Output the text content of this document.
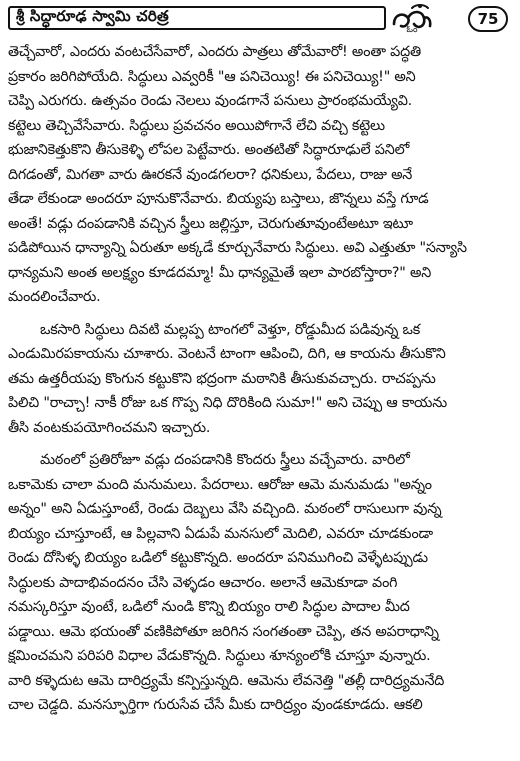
శ్రీ సిద్ధారూఢ స్వామి చరిత్ర
ఓం
75
తెచ్చేవారో, ఎందరు వంటచేసేవారో, ఎందరు పాత్రలు తోమేవారో! అంతా పద్ధతి
ప్రకారం జరిగిపోయేది. సిద్ధులు ఎవ్వరికీ "ఆ పనిచెయ్యి! ఈ పనిచెయ్యి!" అని
చెప్పి ఎరుగరు. ఉత్సవం రెండు నెలలు వుండగానే పనులు ప్రారంభమయ్యేవి.
కట్టెలు తెచ్చివేసేవారు. సిద్ధులు ప్రవచనం అయిపోగానే లేచి వచ్చి కట్టెలు
భుజానికెత్తుకొని తీసుకెళ్ళి లోపల పెట్టేవారు. అంతటితో సిద్ధారూఢులే పనిలో
దిగడంతో, మిగతా వారు ఊరకనే వుండగలరా? ధనికులు, పేదలు, రాజు అనే
తేడా లేకుండా అందరూ పూనుకొనేవారు. బియ్యపు బస్తాలు, జొన్నలు వస్తే గూడ
అంతే! వడ్లు దంపడానికి వచ్చిన స్త్రీలు జల్లిస్తూ, చెరుగుతూవుంటేఅటూ ఇటూ
పడిపోయిన ధాన్యాన్ని ఏరుతూ అక్కడే కూర్చునేవారు సిద్ధులు. అవి ఎత్తుతూ "సన్యాసి
ధాన్యమని అంత అలక్ష్యం కూడదమ్మా! మీ ధాన్యమైతే ఇలా పారబోస్తారా?" అని
మందలించేవారు.
ఒకసారి సిద్ధులు దివటి మల్లప్ప టాంగలో వెళ్తూ, రోడ్డుమీద పడివున్న ఒక
ఎండుమిరపకాయను చూశారు. వెంటనే టాంగా ఆపించి, దిగి, ఆ కాయను తీసుకొని
తమ ఉత్తరీయపు కొంగున కట్టుకొని భద్రంగా మఠానికి తీసుకువచ్చారు. రాచప్పను
పిలిచి "రాచ్చా! నాకీ రోజు ఒక గొప్ప నిధి దొరికింది సుమా!" అని చెప్పు ఆ కాయను
తీసి వంటకుపయోగించమని ఇచ్చారు.
మఠంలో ప్రతిరోజూ వడ్లు దంపడానికి కొందరు స్త్రీలు వచ్చేవారు. వారిలో
ఒకామెకు చాలా మంది మనుమలు. పేదరాలు. ఆరోజు ఆమె మనుమడు "అన్నం
అన్నం" అని ఏడుస్తూంటే, రెండు దెబ్బలు వేసి వచ్చింది. మఠంలో రాసులుగా వున్న
బియ్యం చూస్తూంటే, ఆ పిల్లవాని ఏడుపే మనసులో మెదిలి, ఎవరూ చూడకుండా
రెండు దోసిళ్ళ బియ్యం ఒడిలో కట్టుకొన్నది. అందరూ పనిముగించి వెళ్ళేటప్పుడు
సిద్ధులకు పాదాభివందనం చేసి వెళ్ళడం ఆచారం. అలానే ఆమెకూడా వంగి
నమస్కరిస్తూ వుంటే, ఒడిలో నుండి కొన్ని బియ్యం రాలి సిద్ధుల పాదాల మీద
పడ్డాయి. ఆమె భయంతో వణికిపోతూ జరిగిన సంగతంతా చెప్పి, తన అపరాధాన్ని
క్షమించమని పరిపరి విధాల వేడుకొన్నది. సిద్ధులు శూన్యంలోకి చూస్తూ వున్నారు.
వారి కళ్ళెదుట ఆమె దారిద్ర్యమే కన్పిస్తున్నది. ఆమెను లేవనెత్తి "తల్లీ దారిద్ర్యమనేది
చాల చెడ్డది. మనస్ఫూర్తిగా గురుసేవ చేసే మీకు దారిద్ర్యం వుండకూడదు. ఆకలి
